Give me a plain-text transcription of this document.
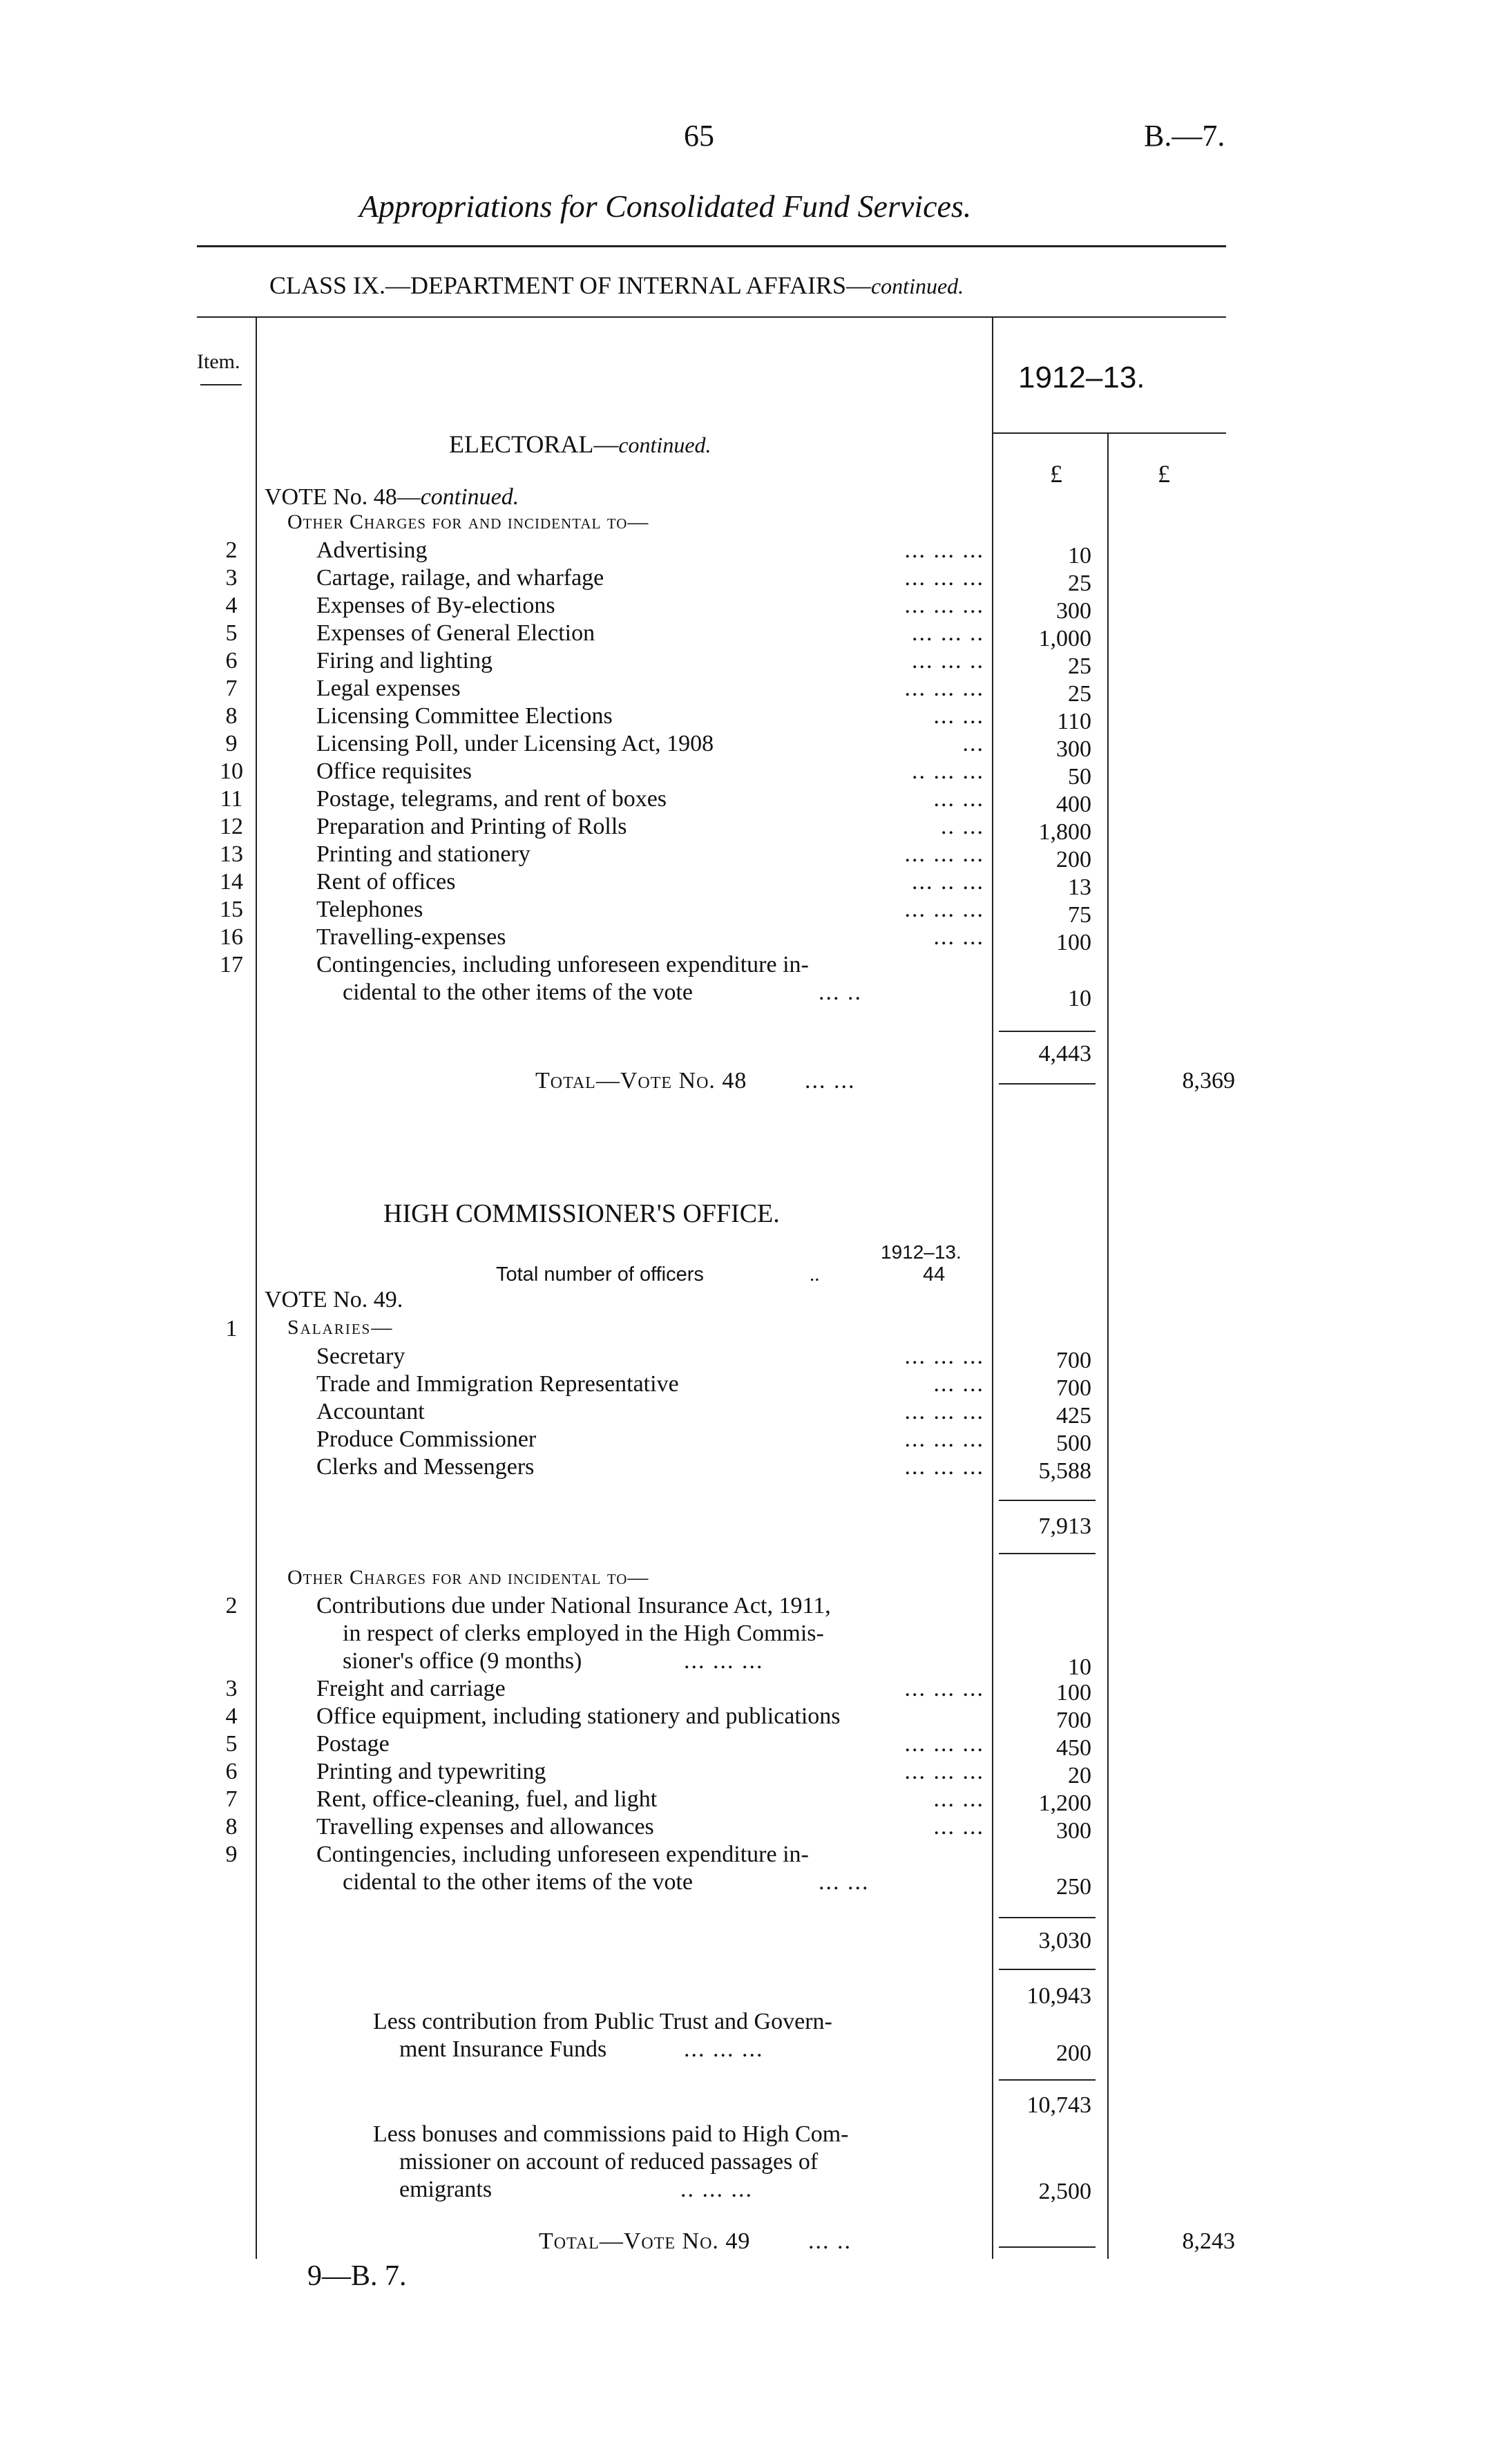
65	B.—7.
Appropriations for Consolidated Fund Services.
CLASS IX.—DEPARTMENT OF INTERNAL AFFAIRS—continued.
Item.	1912–13.
£	£
ELECTORAL—continued.
VOTE No. 48—continued.
Other Charges for and incidental to—
2	Advertising	... ... ...	10
3	Cartage, railage, and wharfage	... ... ...	25
4	Expenses of By-elections	... ... ...	300
5	Expenses of General Election	... ... ..	1,000
6	Firing and lighting	... ... ..	25
7	Legal expenses	... ... ...	25
8	Licensing Committee Elections	... ...	110
9	Licensing Poll, under Licensing Act, 1908	...	300
10	Office requisites	.. ... ...	50
11	Postage, telegrams, and rent of boxes	... ...	400
12	Preparation and Printing of Rolls	.. ...	1,800
13	Printing and stationery	... ... ...	200
14	Rent of offices	... .. ...	13
15	Telephones	... ... ...	75
16	Travelling-expenses	... ...	100
17	Contingencies, including unforeseen expenditure in-
cidental to the other items of the vote	... ..	10
4,443
Total—Vote No. 48 ... ...	8,369
HIGH COMMISSIONER'S OFFICE.
1912–13.
Total number of officers	..	44
VOTE No. 49.
1	Salaries—
Secretary	... ... ...	700
Trade and Immigration Representative	... ...	700
Accountant	... ... ...	425
Produce Commissioner	... ... ...	500
Clerks and Messengers	... ... ...	5,588
7,913
Other Charges for and incidental to—
2	Contributions due under National Insurance Act, 1911,
in respect of clerks employed in the High Commis-
sioner's office (9 months)	... ... ...	10
3	Freight and carriage	... ... ...	100
4	Office equipment, including stationery and publications	700
5	Postage	... ... ...	450
6	Printing and typewriting	... ... ...	20
7	Rent, office-cleaning, fuel, and light	... ...	1,200
8	Travelling expenses and allowances	... ...	300
9	Contingencies, including unforeseen expenditure in-
cidental to the other items of the vote	... ...	250
3,030
10,943
Less contribution from Public Trust and Govern-
ment Insurance Funds	... ... ...	200
10,743
Less bonuses and commissions paid to High Com-
missioner on account of reduced passages of
emigrants	.. ... ...	2,500
Total—Vote No. 49 ... ..	8,243
9—B. 7.
